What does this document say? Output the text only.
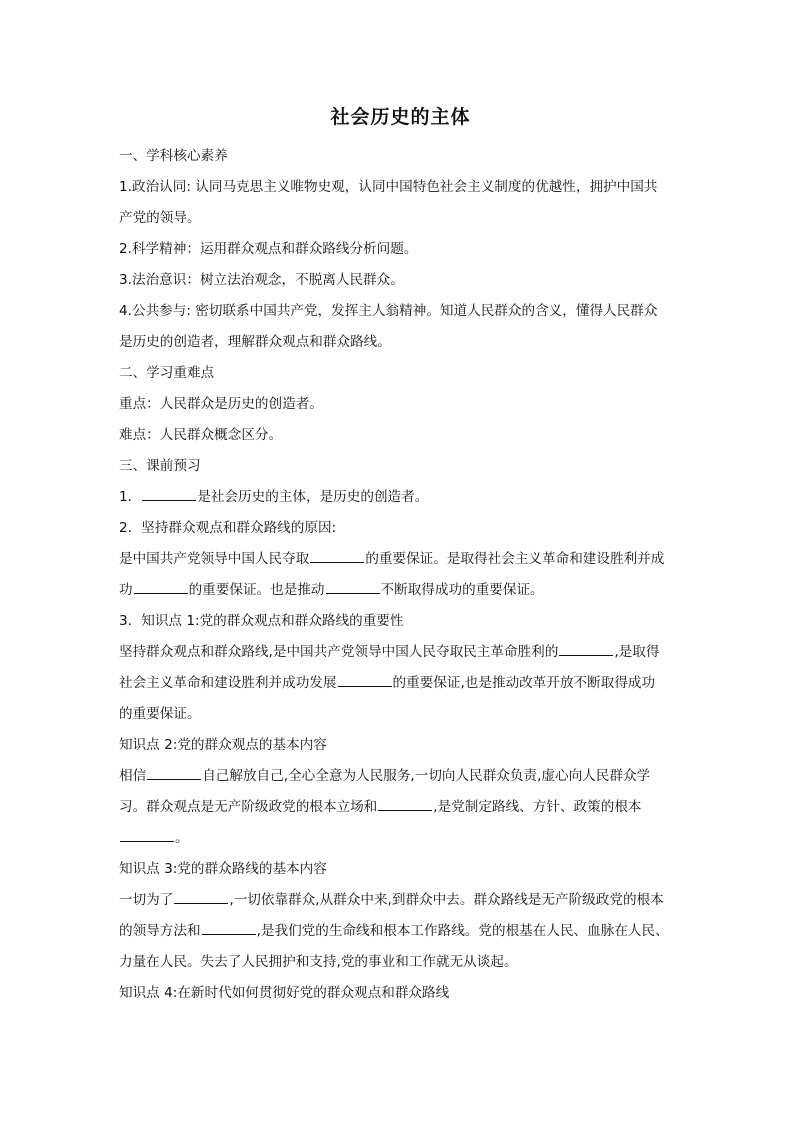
社会历史的主体
一、学科核心素养
1.政治认同: 认同马克思主义唯物史观，认同中国特色社会主义制度的优越性，拥护中国共
产党的领导。
2.科学精神：运用群众观点和群众路线分析问题。
3.法治意识：树立法治观念，不脱离人民群众。
4.公共参与: 密切联系中国共产党，发挥主人翁精神。知道人民群众的含义，懂得人民群众
是历史的创造者，理解群众观点和群众路线。
二、学习重难点
重点：人民群众是历史的创造者。
难点：人民群众概念区分。
三、课前预习
1．	是社会历史的主体，是历史的创造者。
2．坚持群众观点和群众路线的原因:
是中国共产党领导中国人民夺取	的重要保证。是取得社会主义革命和建设胜利并成
功	的重要保证。也是推动	不断取得成功的重要保证。
3．知识点 1:党的群众观点和群众路线的重要性
坚持群众观点和群众路线,是中国共产党领导中国人民夺取民主革命胜利的	,是取得
社会主义革命和建设胜利并成功发展	的重要保证,也是推动改革开放不断取得成功
的重要保证。
知识点 2:党的群众观点的基本内容
相信	自己解放自己,全心全意为人民服务,一切向人民群众负责,虚心向人民群众学
习。群众观点是无产阶级政党的根本立场和	,是党制定路线、方针、政策的根本
。
知识点 3:党的群众路线的基本内容
一切为了	,一切依靠群众,从群众中来,到群众中去。群众路线是无产阶级政党的根本
的领导方法和	,是我们党的生命线和根本工作路线。党的根基在人民、血脉在人民、
力量在人民。失去了人民拥护和支持,党的事业和工作就无从谈起。
知识点 4:在新时代如何贯彻好党的群众观点和群众路线
